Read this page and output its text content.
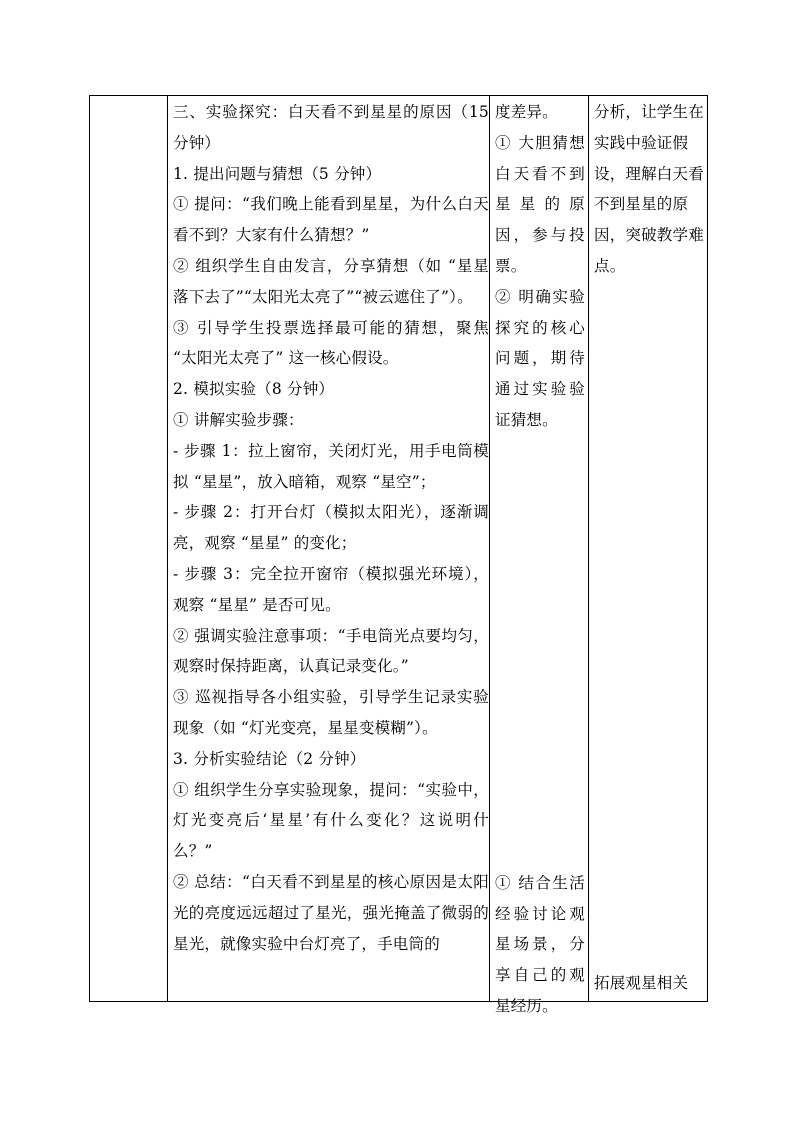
三、实验探究：白天看不到星星的原因（15 分钟）

1. 提出问题与猜想（5 分钟）

① 提问：“我们晚上能看到星星，为什么白天看不到？大家有什么猜想？”

② 组织学生自由发言，分享猜想（如 “星星落下去了”“太阳光太亮了”“被云遮住了”）。

③ 引导学生投票选择最可能的猜想，聚焦 “太阳光太亮了” 这一核心假设。

2. 模拟实验（8 分钟）

① 讲解实验步骤：

- 步骤 1：拉上窗帘，关闭灯光，用手电筒模拟 “星星”，放入暗箱，观察 “星空”；

- 步骤 2：打开台灯（模拟太阳光），逐渐调亮，观察 “星星” 的变化；

- 步骤 3：完全拉开窗帘（模拟强光环境），观察 “星星” 是否可见。

② 强调实验注意事项：“手电筒光点要均匀，观察时保持距离，认真记录变化。”

③ 巡视指导各小组实验，引导学生记录实验现象（如 “灯光变亮，星星变模糊”）。

3. 分析实验结论（2 分钟）

① 组织学生分享实验现象，提问：“实验中，灯光变亮后‘星星’有什么变化？这说明什么？”

② 总结：“白天看不到星星的核心原因是太阳光的亮度远远超过了星光，强光掩盖了微弱的星光，就像实验中台灯亮了，手电筒的

度差异。

① 大胆猜想白天看不到星星的原因，参与投票。

② 明确实验探究的核心问题，期待通过实验验证猜想。

① 结合生活经验讨论观星场景，分享自己的观星经历。

分析，让学生在实践中验证假设，理解白天看不到星星的原因，突破教学难点。

拓展观星相关
